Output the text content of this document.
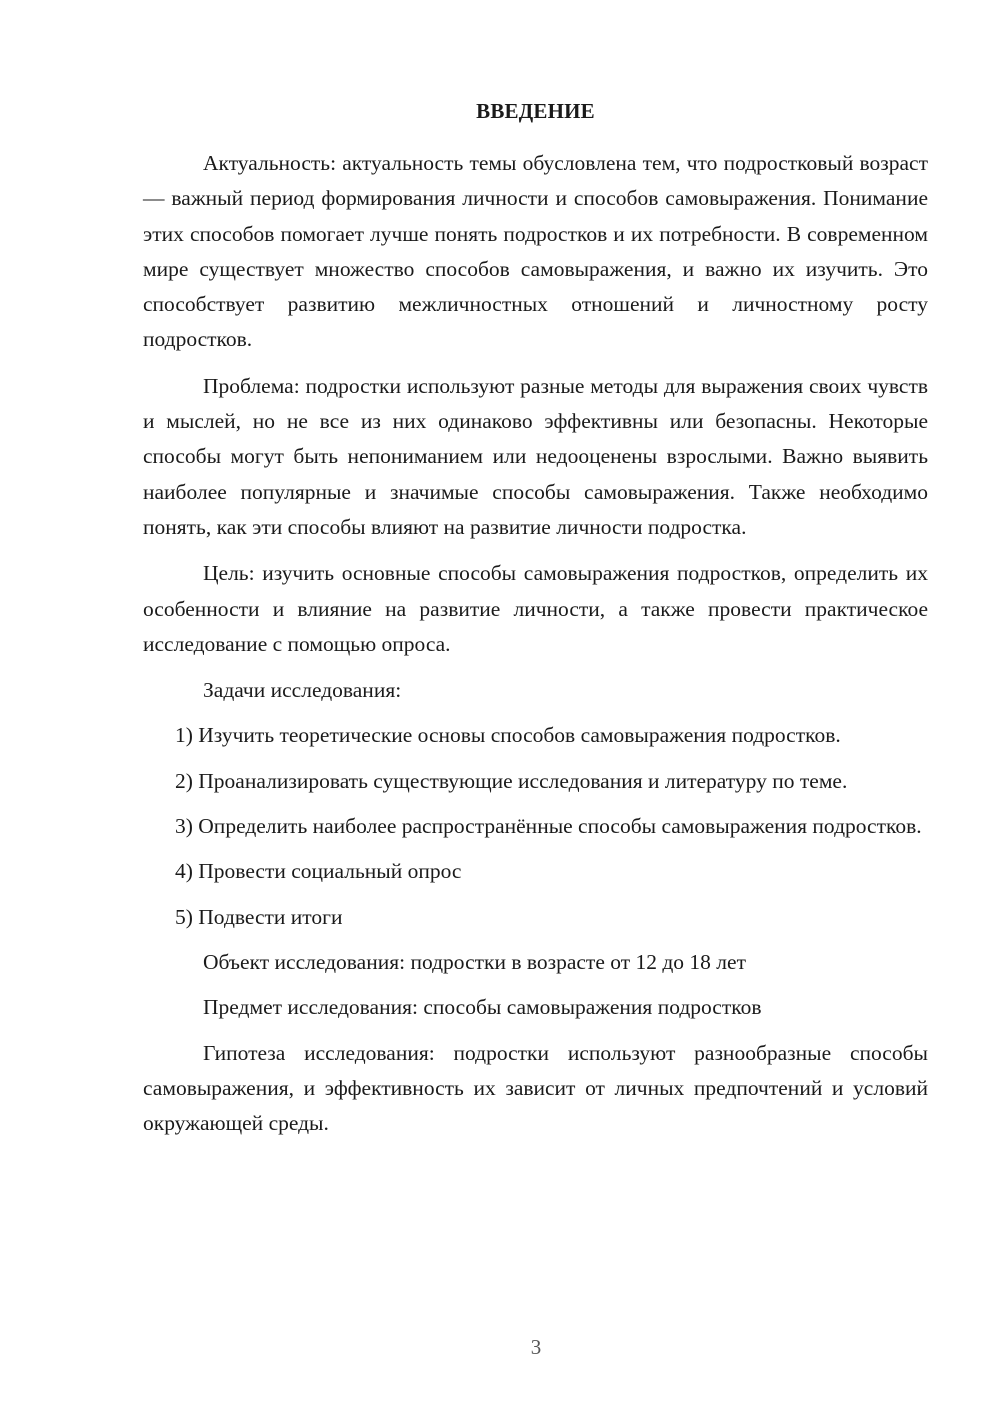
ВВЕДЕНИЕ

Актуальность: актуальность темы обусловлена тем, что подростковый возраст — важный период формирования личности и способов самовыражения. Понимание этих способов помогает лучше понять подростков и их потребности. В современном мире существует множество способов самовыражения, и важно их изучить. Это способствует развитию межличностных отношений и личностному росту подростков.

Проблема: подростки используют разные методы для выражения своих чувств и мыслей, но не все из них одинаково эффективны или безопасны. Некоторые способы могут быть непониманием или недооценены взрослыми. Важно выявить наиболее популярные и значимые способы самовыражения. Также необходимо понять, как эти способы влияют на развитие личности подростка.

Цель: изучить основные способы самовыражения подростков, определить их особенности и влияние на развитие личности, а также провести практическое исследование с помощью опроса.

Задачи исследования:

1) Изучить теоретические основы способов самовыражения подростков.

2) Проанализировать существующие исследования и литературу по теме.

3) Определить наиболее распространённые способы самовыражения подростков.

4) Провести социальный опрос

5) Подвести итоги

Объект исследования: подростки в возрасте от 12 до 18 лет

Предмет исследования: способы самовыражения подростков

Гипотеза исследования: подростки используют разнообразные способы самовыражения, и эффективность их зависит от личных предпочтений и условий окружающей среды.

3
